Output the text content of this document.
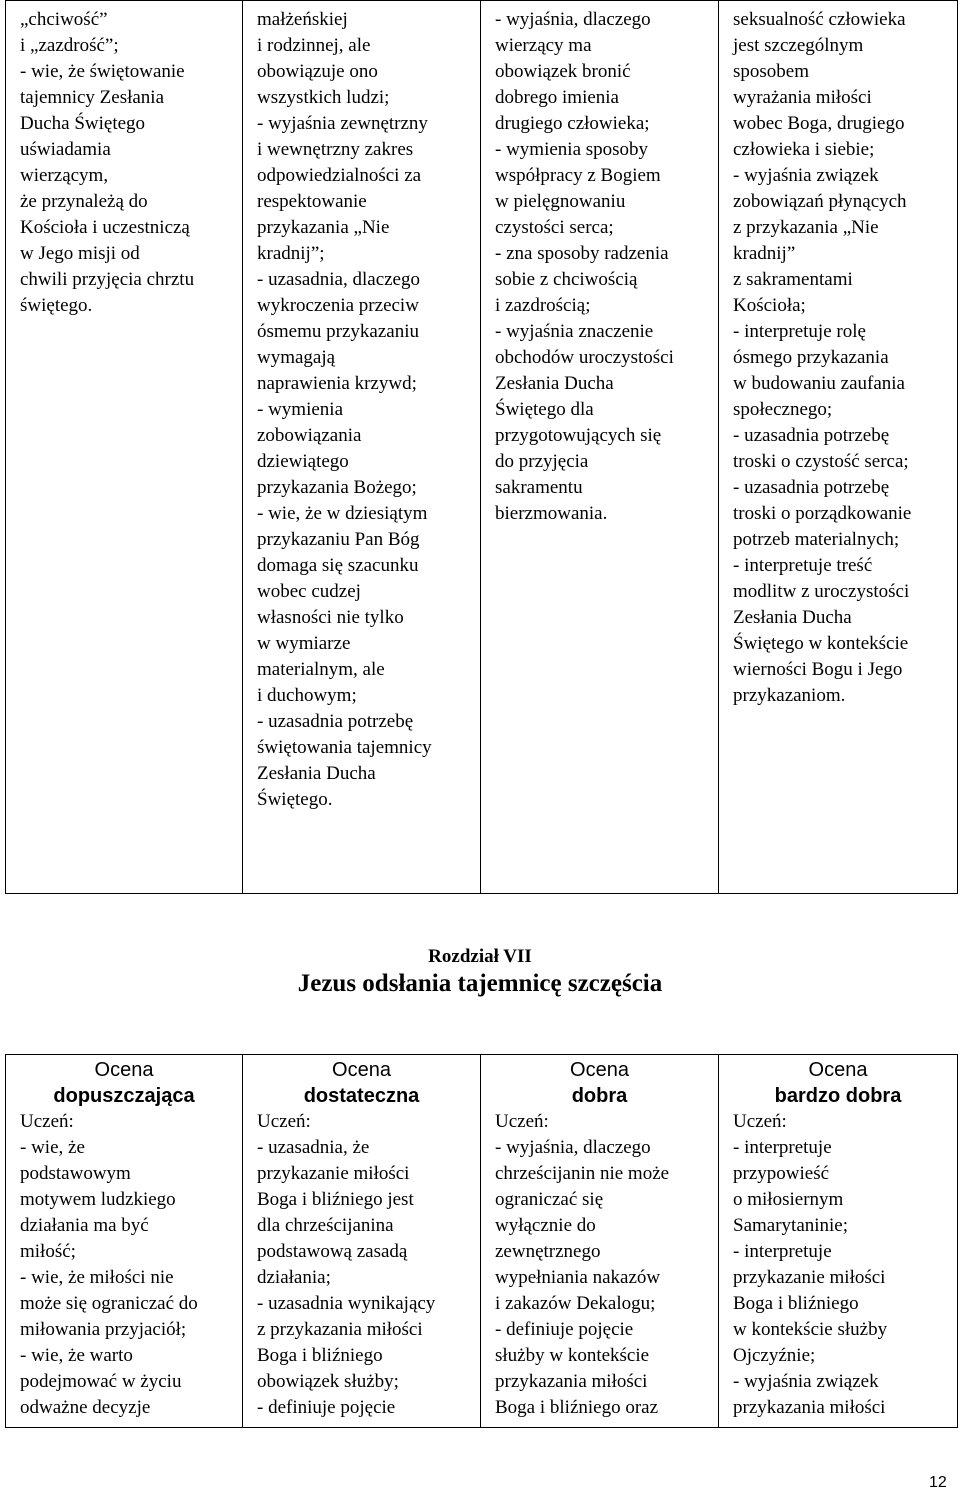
„chciwość”
i „zazdrość”;
- wie, że świętowanie
tajemnicy Zesłania
Ducha Świętego
uświadamia
wierzącym,
że przynależą do
Kościoła i uczestniczą
w Jego misji od
chwili przyjęcia chrztu
świętego.

małżeńskiej
i rodzinnej, ale
obowiązuje ono
wszystkich ludzi;
- wyjaśnia zewnętrzny
i wewnętrzny zakres
odpowiedzialności za
respektowanie
przykazania „Nie
kradnij”;
- uzasadnia, dlaczego
wykroczenia przeciw
ósmemu przykazaniu
wymagają
naprawienia krzywd;
- wymienia
zobowiązania
dziewiątego
przykazania Bożego;
- wie, że w dziesiątym
przykazaniu Pan Bóg
domaga się szacunku
wobec cudzej
własności nie tylko
w wymiarze
materialnym, ale
i duchowym;
- uzasadnia potrzebę
świętowania tajemnicy
Zesłania Ducha
Świętego.

- wyjaśnia, dlaczego
wierzący ma
obowiązek bronić
dobrego imienia
drugiego człowieka;
- wymienia sposoby
współpracy z Bogiem
w pielęgnowaniu
czystości serca;
- zna sposoby radzenia
sobie z chciwością
i zazdrością;
- wyjaśnia znaczenie
obchodów uroczystości
Zesłania Ducha
Świętego dla
przygotowujących się
do przyjęcia
sakramentu
bierzmowania.

seksualność człowieka
jest szczególnym
sposobem
wyrażania miłości
wobec Boga, drugiego
człowieka i siebie;
- wyjaśnia związek
zobowiązań płynących
z przykazania „Nie
kradnij”
z sakramentami
Kościoła;
- interpretuje rolę
ósmego przykazania
w budowaniu zaufania
społecznego;
- uzasadnia potrzebę
troski o czystość serca;
- uzasadnia potrzebę
troski o porządkowanie
potrzeb materialnych;
- interpretuje treść
modlitw z uroczystości
Zesłania Ducha
Świętego w kontekście
wierności Bogu i Jego
przykazaniom.
Rozdział VII
Jezus odsłania tajemnicę szczęścia
Ocena
dopuszczająca
Uczeń:
- wie, że
podstawowym
motywem ludzkiego
działania ma być
miłość;
- wie, że miłości nie
może się ograniczać do
miłowania przyjaciół;
- wie, że warto
podejmować w życiu
odważne decyzje

Ocena
dostateczna
Uczeń:
- uzasadnia, że
przykazanie miłości
Boga i bliźniego jest
dla chrześcijanina
podstawową zasadą
działania;
- uzasadnia wynikający
z przykazania miłości
Boga i bliźniego
obowiązek służby;
- definiuje pojęcie

Ocena
dobra
Uczeń:
- wyjaśnia, dlaczego
chrześcijanin nie może
ograniczać się
wyłącznie do
zewnętrznego
wypełniania nakazów
i zakazów Dekalogu;
- definiuje pojęcie
służby w kontekście
przykazania miłości
Boga i bliźniego oraz

Ocena
bardzo dobra
Uczeń:
- interpretuje
przypowieść
o miłosiernym
Samarytaninie;
- interpretuje
przykazanie miłości
Boga i bliźniego
w kontekście służby
Ojczyźnie;
- wyjaśnia związek
przykazania miłości
12
